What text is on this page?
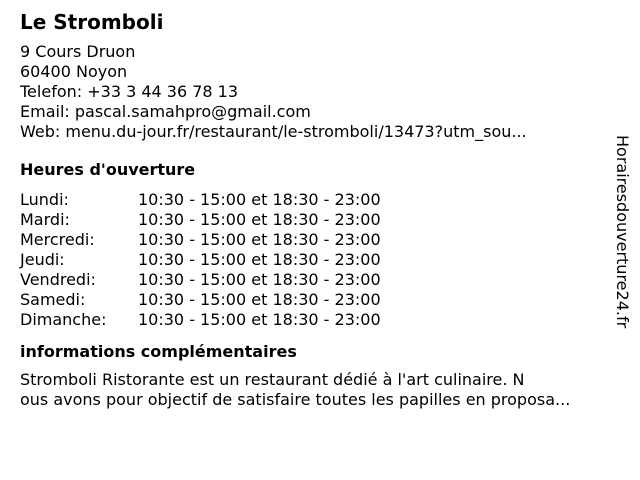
Le Stromboli
9 Cours Druon
60400 Noyon
Telefon: +33 3 44 36 78 13
Email: pascal.samahpro@gmail.com
Web: menu.du-jour.fr/restaurant/le-stromboli/13473?utm_sou...
Heures d'ouverture
Lundi:	10:30 - 15:00 et 18:30 - 23:00
Mardi:	10:30 - 15:00 et 18:30 - 23:00
Mercredi:	10:30 - 15:00 et 18:30 - 23:00
Jeudi:	10:30 - 15:00 et 18:30 - 23:00
Vendredi:	10:30 - 15:00 et 18:30 - 23:00
Samedi:	10:30 - 15:00 et 18:30 - 23:00
Dimanche:	10:30 - 15:00 et 18:30 - 23:00
informations complémentaires
Stromboli Ristorante est un restaurant dédié à l'art culinaire. N
ous avons pour objectif de satisfaire toutes les papilles en proposa...
Horairesdouverture24.fr
